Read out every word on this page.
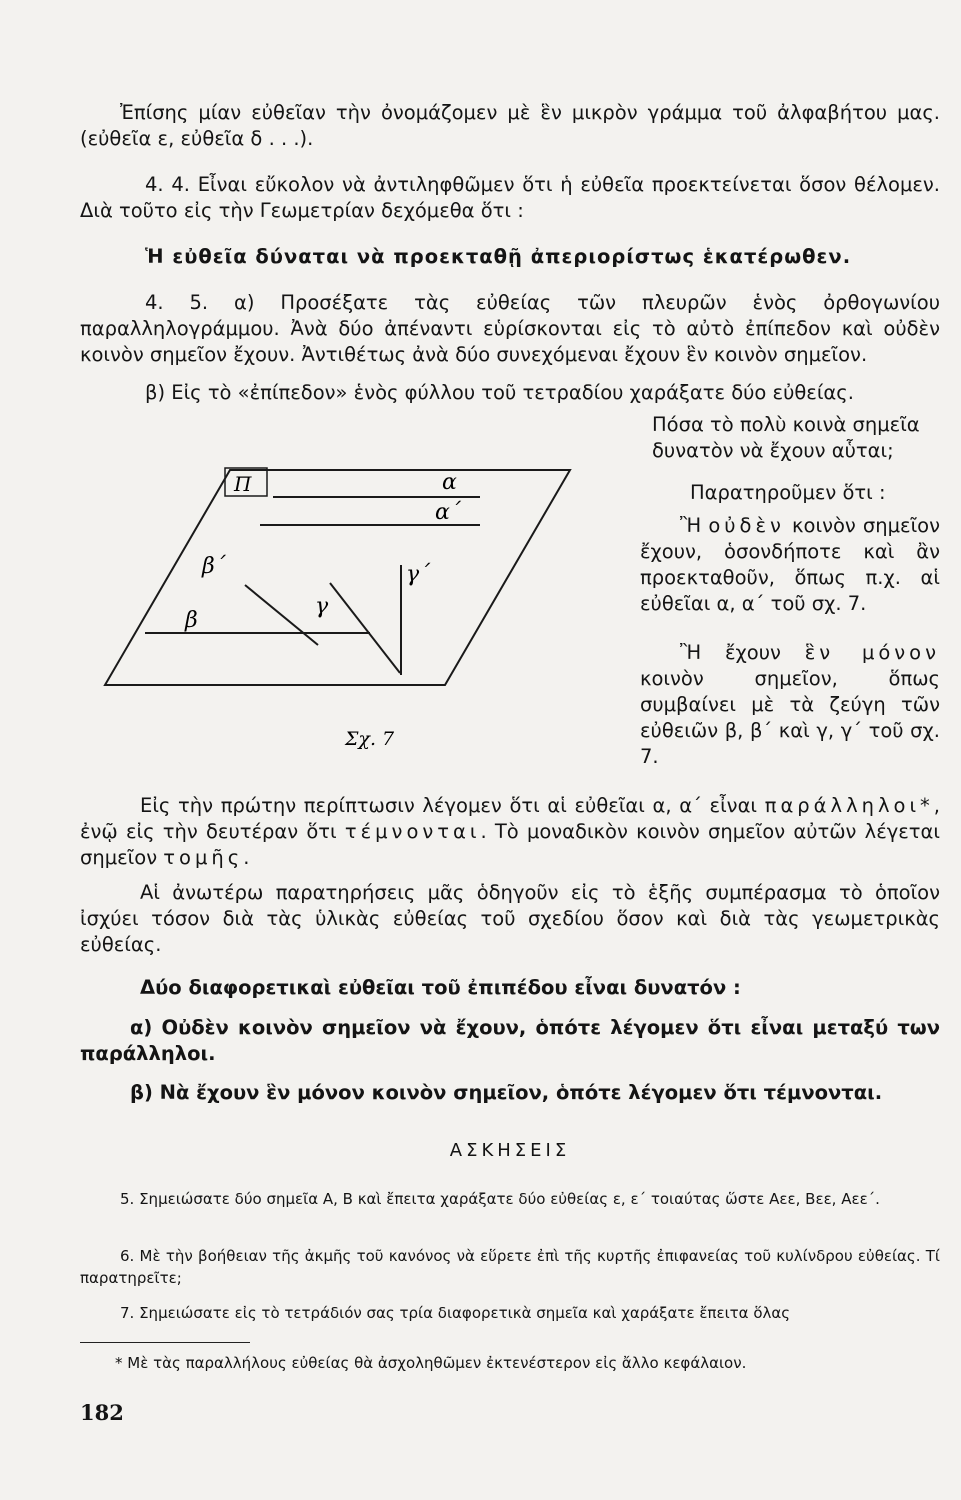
Ἐπίσης μίαν εὐθεῖαν τὴν ὀνομάζομεν μὲ ἓν μικρὸν γράμμα τοῦ ἀλφαβήτου μας. (εὐθεῖα ε, εὐθεῖα δ . . .).

4. 4. Εἶναι εὔκολον νὰ ἀντιληφθῶμεν ὅτι ἡ εὐθεῖα προεκτείνεται ὅσον θέλομεν. Διὰ τοῦτο εἰς τὴν Γεωμετρίαν δεχόμεθα ὅτι :

Ἡ εὐθεῖα δύναται νὰ προεκταθῇ ἀπεριορίστως ἑκατέρωθεν.

4. 5. α) Προσέξατε τὰς εὐθείας τῶν πλευρῶν ἑνὸς ὀρθογωνίου παραλληλογράμμου. Ἀνὰ δύο ἀπέναντι εὑρίσκονται εἰς τὸ αὐτὸ ἐπίπεδον καὶ οὐδὲν κοινὸν σημεῖον ἔχουν. Ἀντιθέτως ἀνὰ δύο συνεχόμεναι ἔχουν ἓν κοινὸν σημεῖον.

β) Εἰς τὸ «ἐπίπεδον» ἑνὸς φύλλου τοῦ τετραδίου χαράξατε δύο εὐθείας.

Πόσα τὸ πολὺ κοινὰ σημεῖα δυνατὸν νὰ ἔχουν αὗται;

Παρατηροῦμεν ὅτι :

Ἢ οὐδὲν κοινὸν σημεῖον ἔχουν, ὁσονδήποτε καὶ ἂν προεκταθοῦν, ὅπως π.χ. αἱ εὐθεῖαι α, α΄ τοῦ σχ. 7.

Ἢ ἔχουν ἓν μόνον κοινὸν σημεῖον, ὅπως συμβαίνει μὲ τὰ ζεύγη τῶν εὐθειῶν β, β΄ καὶ γ, γ΄ τοῦ σχ. 7.

Π	α
α΄
β
β΄
γ
γ΄
Σχ. 7

Εἰς τὴν πρώτην περίπτωσιν λέγομεν ὅτι αἱ εὐθεῖαι α, α΄ εἶναι παράλληλοι*, ἐνῷ εἰς τὴν δευτέραν ὅτι τέμνονται. Τὸ μοναδικὸν κοινὸν σημεῖον αὐτῶν λέγεται σημεῖον τομῆς.

Αἱ ἀνωτέρω παρατηρήσεις μᾶς ὁδηγοῦν εἰς τὸ ἑξῆς συμπέρασμα τὸ ὁποῖον ἰσχύει τόσον διὰ τὰς ὑλικὰς εὐθείας τοῦ σχεδίου ὅσον καὶ διὰ τὰς γεωμετρικὰς εὐθείας.

Δύο διαφορετικαὶ εὐθεῖαι τοῦ ἐπιπέδου εἶναι δυνατόν :

α) Οὐδὲν κοινὸν σημεῖον νὰ ἔχουν, ὁπότε λέγομεν ὅτι εἶναι μεταξύ των παράλληλοι.

β) Νὰ ἔχουν ἓν μόνον κοινὸν σημεῖον, ὁπότε λέγομεν ὅτι τέμνονται.

ΑΣΚΗΣΕΙΣ

5. Σημειώσατε δύο σημεῖα Α, Β καὶ ἔπειτα χαράξατε δύο εὐθείας ε, ε΄ τοιαύτας ὥστε Αεε, Βεε, Αεε΄.

6. Μὲ τὴν βοήθειαν τῆς ἀκμῆς τοῦ κανόνος νὰ εὕρετε ἐπὶ τῆς κυρτῆς ἐπιφανείας τοῦ κυλίνδρου εὐθείας. Τί παρατηρεῖτε;

7. Σημειώσατε εἰς τὸ τετράδιόν σας τρία διαφορετικὰ σημεῖα καὶ χαράξατε ἔπειτα ὅλας

* Μὲ τὰς παραλλήλους εὐθείας θὰ ἀσχοληθῶμεν ἐκτενέστερον εἰς ἄλλο κεφάλαιον.

182
